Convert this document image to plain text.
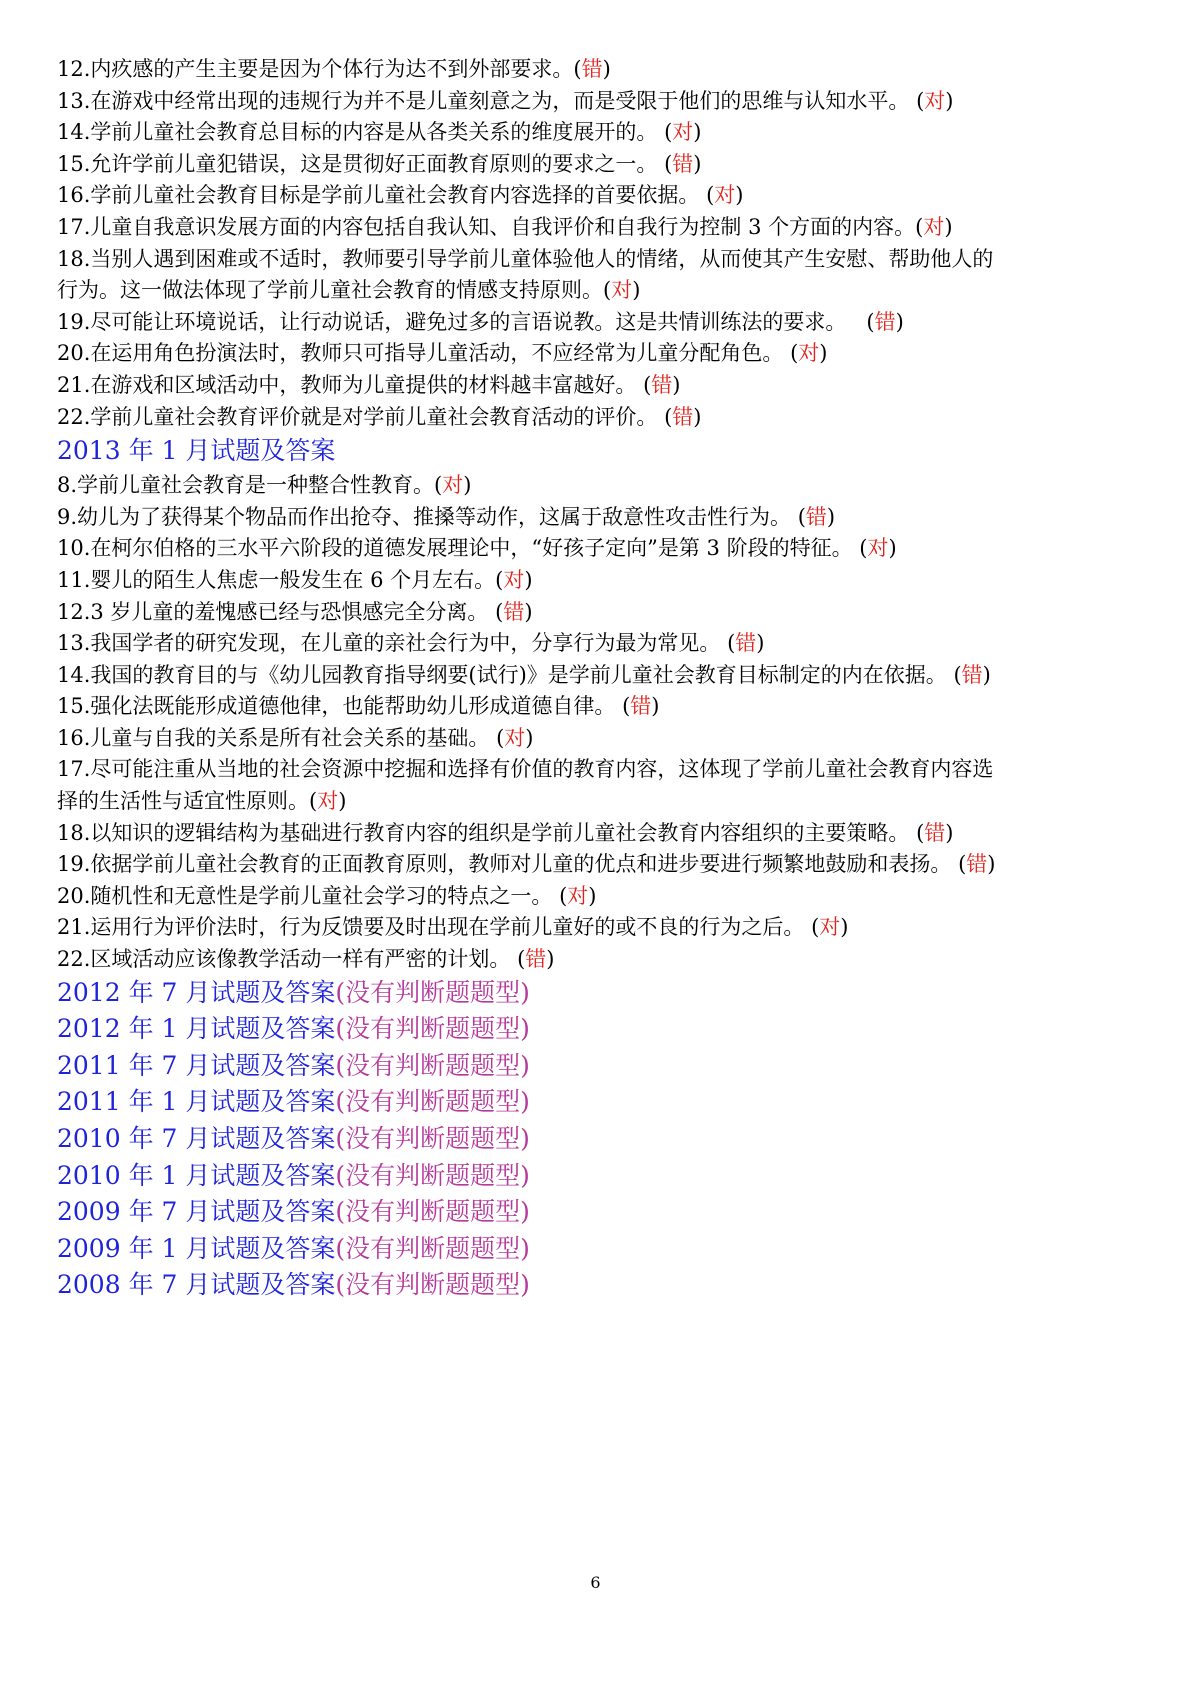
12.内疚感的产生主要是因为个体行为达不到外部要求。(错)
13.在游戏中经常出现的违规行为并不是儿童刻意之为，而是受限于他们的思维与认知水平。 (对)
14.学前儿童社会教育总目标的内容是从各类关系的维度展开的。 (对)
15.允许学前儿童犯错误，这是贯彻好正面教育原则的要求之一。 (错)
16.学前儿童社会教育目标是学前儿童社会教育内容选择的首要依据。 (对)
17.儿童自我意识发展方面的内容包括自我认知、自我评价和自我行为控制 3 个方面的内容。(对)
18.当别人遇到困难或不适时，教师要引导学前儿童体验他人的情绪，从而使其产生安慰、帮助他人的
行为。这一做法体现了学前儿童社会教育的情感支持原则。(对)
19.尽可能让环境说话，让行动说话，避免过多的言语说教。这是共情训练法的要求。   (错)
20.在运用角色扮演法时，教师只可指导儿童活动，不应经常为儿童分配角色。 (对)
21.在游戏和区域活动中，教师为儿童提供的材料越丰富越好。 (错)
22.学前儿童社会教育评价就是对学前儿童社会教育活动的评价。 (错)
2013 年 1 月试题及答案
8.学前儿童社会教育是一种整合性教育。(对)
9.幼儿为了获得某个物品而作出抢夺、推搡等动作，这属于敌意性攻击性行为。 (错)
10.在柯尔伯格的三水平六阶段的道德发展理论中，“好孩子定向”是第 3 阶段的特征。 (对)
11.婴儿的陌生人焦虑一般发生在 6 个月左右。(对)
12.3 岁儿童的羞愧感已经与恐惧感完全分离。 (错)
13.我国学者的研究发现，在儿童的亲社会行为中，分享行为最为常见。 (错)
14.我国的教育目的与《幼儿园教育指导纲要(试行)》是学前儿童社会教育目标制定的内在依据。 (错)
15.强化法既能形成道德他律，也能帮助幼儿形成道德自律。 (错)
16.儿童与自我的关系是所有社会关系的基础。 (对)
17.尽可能注重从当地的社会资源中挖掘和选择有价值的教育内容，这体现了学前儿童社会教育内容选
择的生活性与适宜性原则。(对)
18.以知识的逻辑结构为基础进行教育内容的组织是学前儿童社会教育内容组织的主要策略。 (错)
19.依据学前儿童社会教育的正面教育原则，教师对儿童的优点和进步要进行频繁地鼓励和表扬。 (错)
20.随机性和无意性是学前儿童社会学习的特点之一。 (对)
21.运用行为评价法时，行为反馈要及时出现在学前儿童好的或不良的行为之后。 (对)
22.区域活动应该像教学活动一样有严密的计划。 (错)
2012 年 7 月试题及答案(没有判断题题型)
2012 年 1 月试题及答案(没有判断题题型)
2011 年 7 月试题及答案(没有判断题题型)
2011 年 1 月试题及答案(没有判断题题型)
2010 年 7 月试题及答案(没有判断题题型)
2010 年 1 月试题及答案(没有判断题题型)
2009 年 7 月试题及答案(没有判断题题型)
2009 年 1 月试题及答案(没有判断题题型)
2008 年 7 月试题及答案(没有判断题题型)
6
